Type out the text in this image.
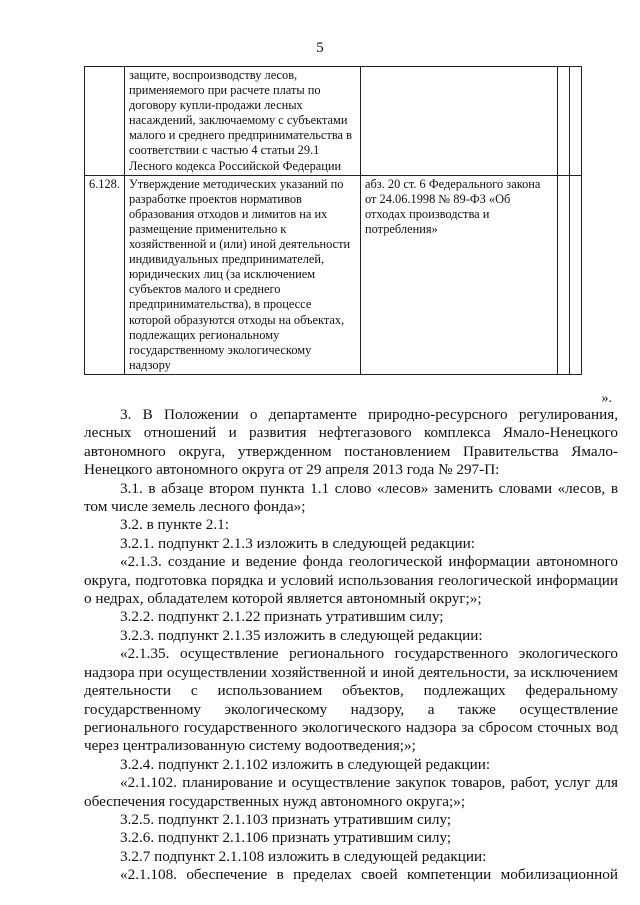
5
	защите, воспроизводству лесов, применяемого при расчете платы по договору купли-продажи лесных насаждений, заключаемому с субъектами малого и среднего предпринимательства в соответствии с частью 4 статьи 29.1 Лесного кодекса Российской Федерации			
6.128.	Утверждение методических указаний по разработке проектов нормативов образования отходов и лимитов на их размещение применительно к хозяйственной и (или) иной деятельности индивидуальных предпринимателей, юридических лиц (за исключением субъектов малого и среднего предпринимательства), в процессе которой образуются отходы на объектах, подлежащих региональному государственному экологическому надзору	абз. 20 ст. 6 Федерального закона от 24.06.1998 № 89-ФЗ «Об отходах производства и потребления»		

».

3. В Положении о департаменте природно-ресурсного регулирования, лесных отношений и развития нефтегазового комплекса Ямало-Ненецкого автономного округа, утвержденном постановлением Правительства Ямало-Ненецкого автономного округа от 29 апреля 2013 года № 297-П:

3.1. в абзаце втором пункта 1.1 слово «лесов» заменить словами «лесов, в том числе земель лесного фонда»;

3.2. в пункте 2.1:

3.2.1. подпункт 2.1.3 изложить в следующей редакции:

«2.1.3. создание и ведение фонда геологической информации автономного округа, подготовка порядка и условий использования геологической информации о недрах, обладателем которой является автономный округ;»;

3.2.2. подпункт 2.1.22 признать утратившим силу;

3.2.3. подпункт 2.1.35 изложить в следующей редакции:

«2.1.35. осуществление регионального государственного экологического надзора при осуществлении хозяйственной и иной деятельности, за исключением деятельности с использованием объектов, подлежащих федеральному государственному экологическому надзору, а также осуществление регионального государственного экологического надзора за сбросом сточных вод через централизованную систему водоотведения;»;

3.2.4. подпункт 2.1.102 изложить в следующей редакции:

«2.1.102. планирование и осуществление закупок товаров, работ, услуг для обеспечения государственных нужд автономного округа;»;

3.2.5. подпункт 2.1.103 признать утратившим силу;

3.2.6. подпункт 2.1.106 признать утратившим силу;

3.2.7 подпункт 2.1.108 изложить в следующей редакции:

«2.1.108. обеспечение в пределах своей компетенции мобилизационной
